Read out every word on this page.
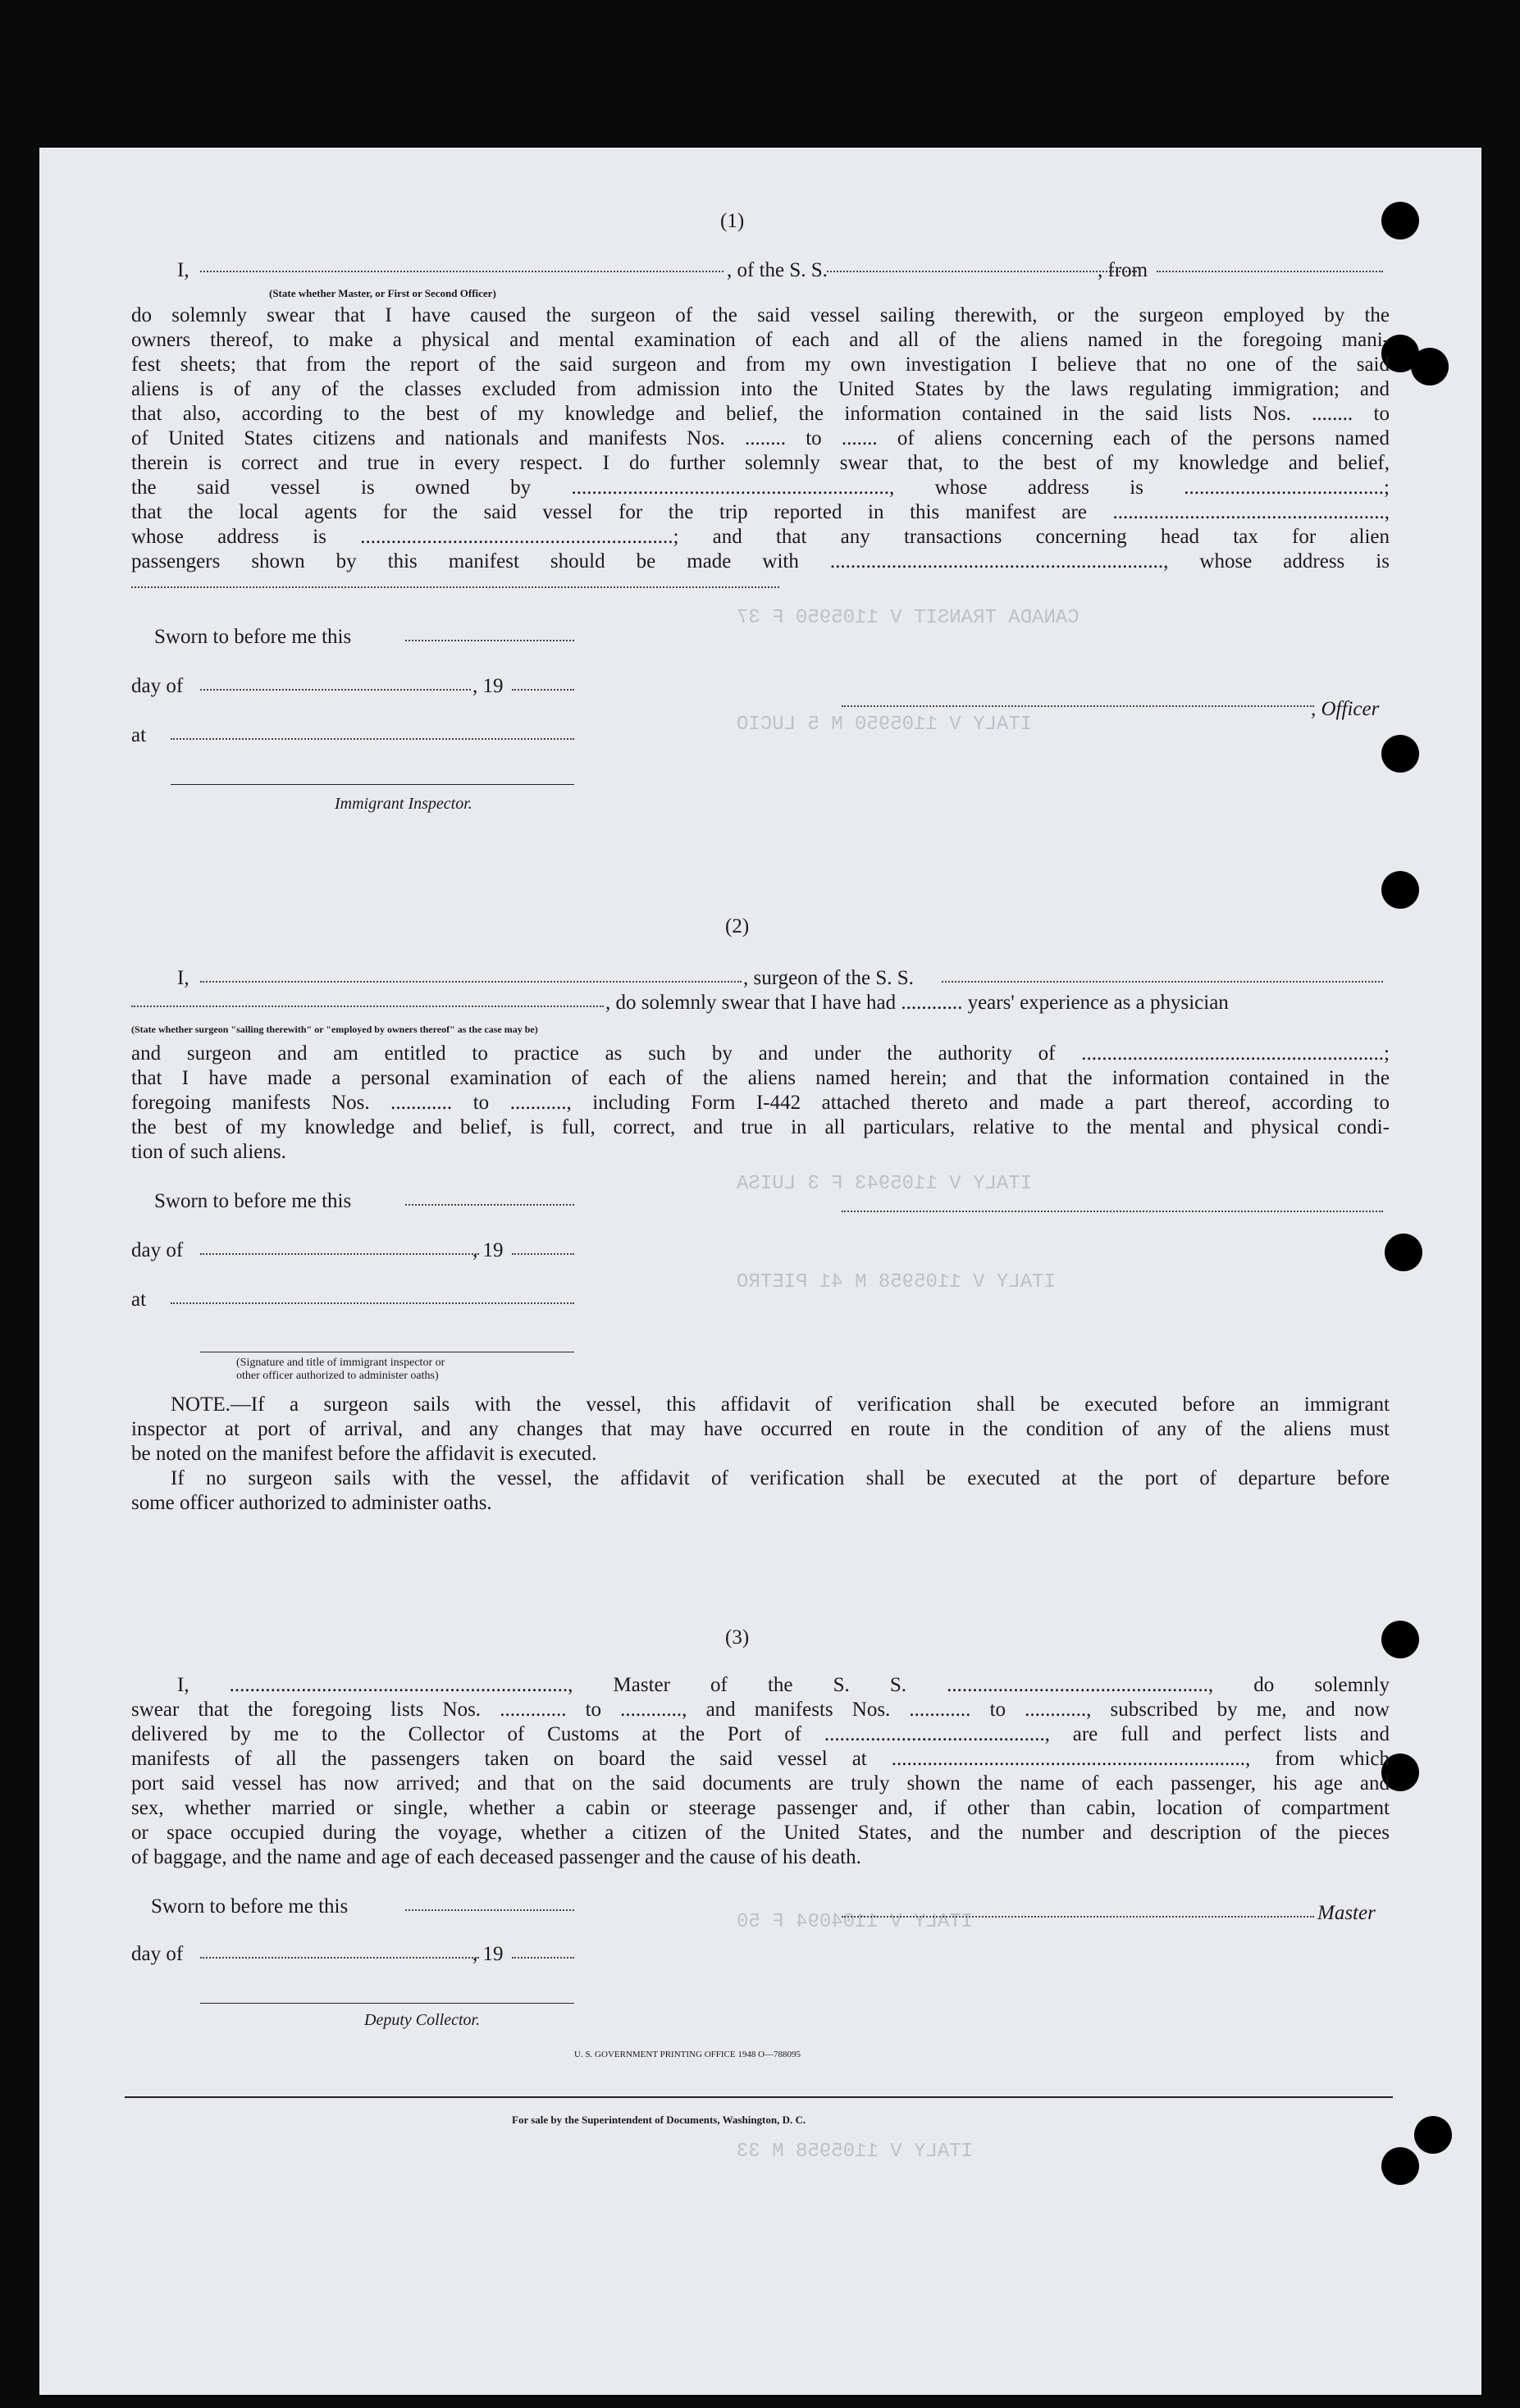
CANADA TRANSIT V 1105950 F 37
ITALY V 1105950 M 5 LUCIO
ITALY V 1105943 F 3 LUISA
ITALY V 1105958 M 41 PIETRO
ITALY V 1104094 F 50
ITALY V 1105958 M 33
(1)
I,	, of the S. S.	, from
(State whether Master, or First or Second Officer)
do solemnly swear that I have caused the surgeon of the said vessel sailing therewith, or the surgeon employed by the
owners thereof, to make a physical and mental examination of each and all of the aliens named in the foregoing mani-
fest sheets; that from the report of the said surgeon and from my own investigation I believe that no one of the said
aliens is of any of the classes excluded from admission into the United States by the laws regulating immigration; and
that also, according to the best of my knowledge and belief, the information contained in the said lists Nos. ........ to
of United States citizens and nationals and manifests Nos. ........ to ....... of aliens concerning each of the persons named
therein is correct and true in every respect. I do further solemnly swear that, to the best of my knowledge and belief,
the said vessel is owned by .............................................................., whose address is .......................................;
that the local agents for the said vessel for the trip reported in this manifest are .....................................................,
whose address is .............................................................; and that any transactions concerning head tax for alien
passengers shown by this manifest should be made with ................................................................., whose address is
Sworn to before me this
day of	, 19
, Officer
at
Immigrant Inspector.
(2)
I,	, surgeon of the S. S.
, do solemnly swear that I have had ............ years' experience as a physician
(State whether surgeon "sailing therewith" or "employed by owners thereof" as the case may be)
and surgeon and am entitled to practice as such by and under the authority of ...........................................................;
that I have made a personal examination of each of the aliens named herein; and that the information contained in the
foregoing manifests Nos. ............ to ..........., including Form I-442 attached thereto and made a part thereof, according to
the best of my knowledge and belief, is full, correct, and true in all particulars, relative to the mental and physical condi-
tion of such aliens.
Sworn to before me this
day of	, 19
at
(Signature and title of immigrant inspector or
other officer authorized to administer oaths)
NOTE.—If a surgeon sails with the vessel, this affidavit of verification shall be executed before an immigrant
inspector at port of arrival, and any changes that may have occurred en route in the condition of any of the aliens must
be noted on the manifest before the affidavit is executed.
If no surgeon sails with the vessel, the affidavit of verification shall be executed at the port of departure before
some officer authorized to administer oaths.
(3)
I, .................................................................., Master of the S. S. ..................................................., do solemnly
swear that the foregoing lists Nos. ............. to ............, and manifests Nos. ............ to ............, subscribed by me, and now
delivered by me to the Collector of Customs at the Port of ..........................................., are full and perfect lists and
manifests of all the passengers taken on board the said vessel at ....................................................................., from which
port said vessel has now arrived; and that on the said documents are truly shown the name of each passenger, his age and
sex, whether married or single, whether a cabin or steerage passenger and, if other than cabin, location of compartment
or space occupied during the voyage, whether a citizen of the United States, and the number and description of the pieces
of baggage, and the name and age of each deceased passenger and the cause of his death.
Sworn to before me this	Master
day of	, 19
Deputy Collector.
U. S. GOVERNMENT PRINTING OFFICE 1948 O—788095
For sale by the Superintendent of Documents, Washington, D. C.
